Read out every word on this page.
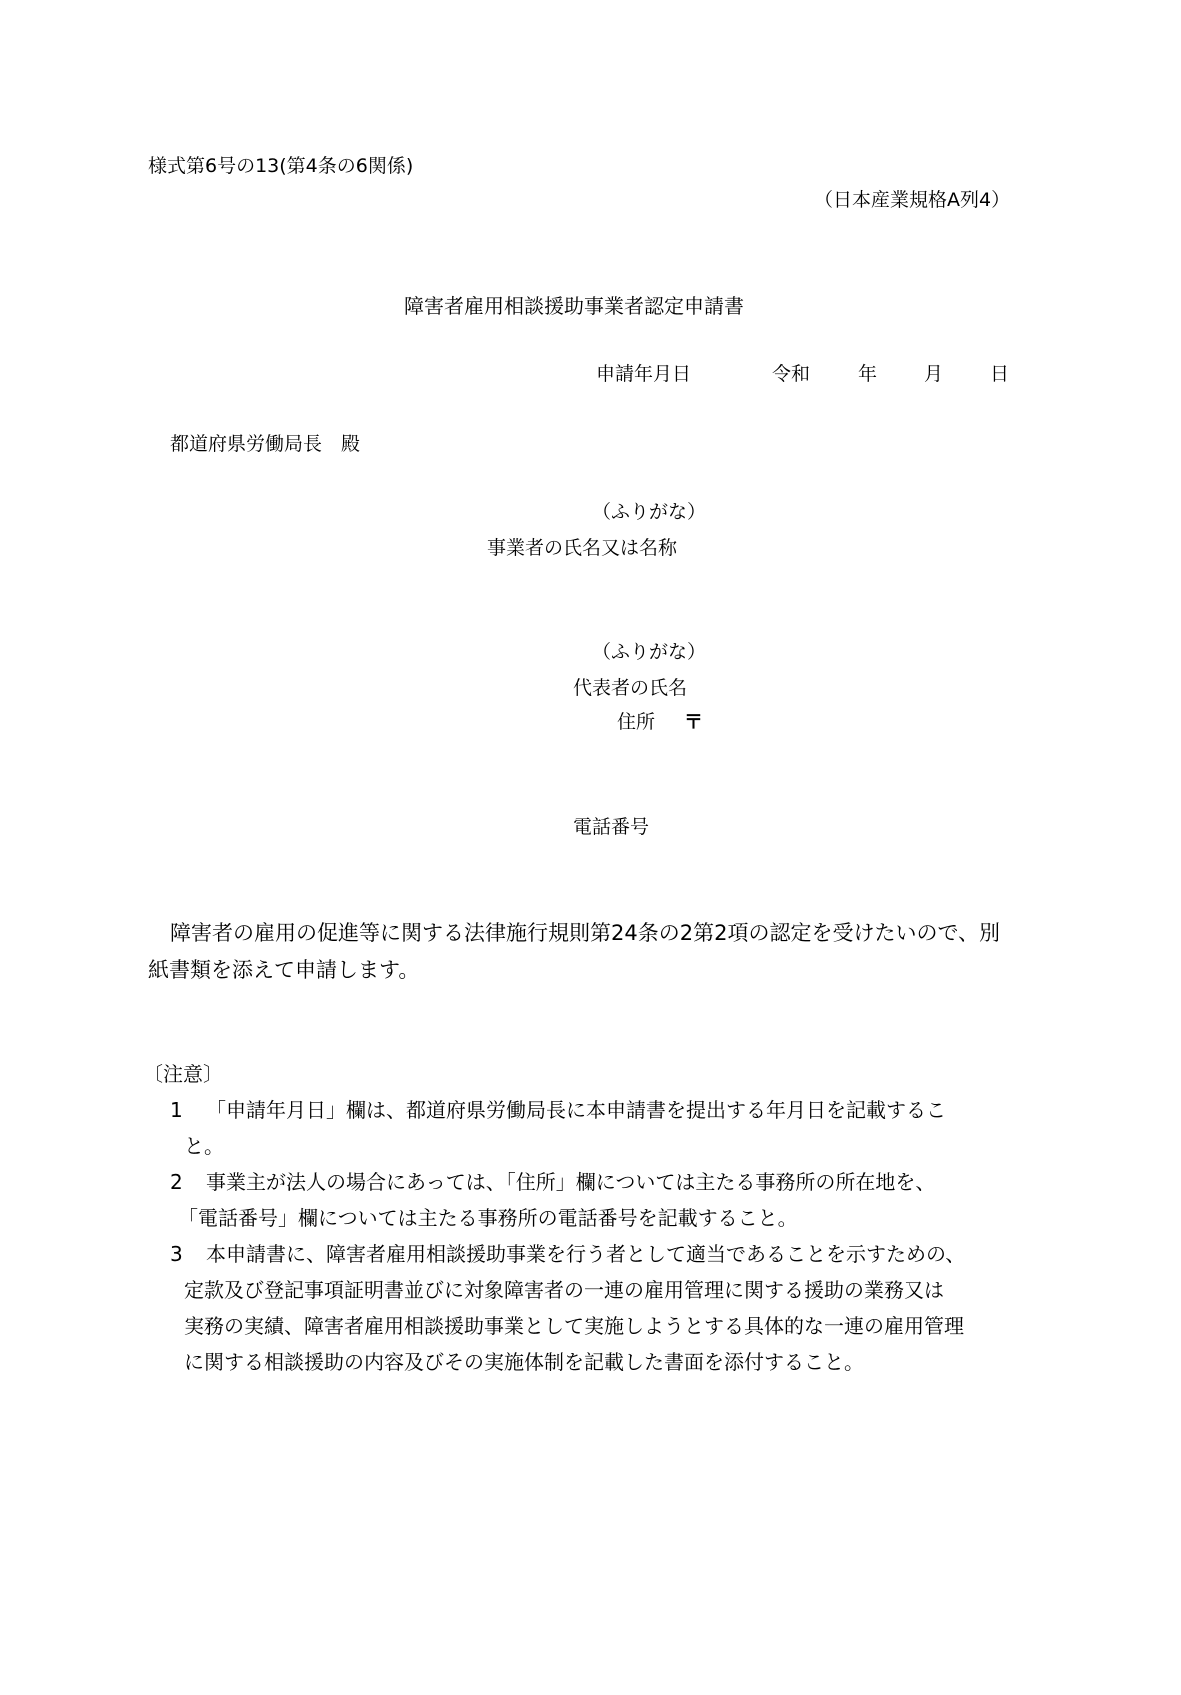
様式第6号の13(第4条の6関係)
（日本産業規格A列4）
障害者雇用相談援助事業者認定申請書
申請年月日	令和	年 月 日
都道府県労働局長　殿
（ふりがな）
事業者の氏名又は名称
（ふりがな）
代表者の氏名
住所 〒
電話番号
障害者の雇用の促進等に関する法律施行規則第24条の2第2項の認定を受けたいので、別
紙書類を添えて申請します。
〔注意〕
1 「申請年月日」欄は、都道府県労働局長に本申請書を提出する年月日を記載するこ
と。
2 事業主が法人の場合にあっては、「住所」欄については主たる事務所の所在地を、
「電話番号」欄については主たる事務所の電話番号を記載すること。
3 本申請書に、障害者雇用相談援助事業を行う者として適当であることを示すための、
定款及び登記事項証明書並びに対象障害者の一連の雇用管理に関する援助の業務又は
実務の実績、障害者雇用相談援助事業として実施しようとする具体的な一連の雇用管理
に関する相談援助の内容及びその実施体制を記載した書面を添付すること。
